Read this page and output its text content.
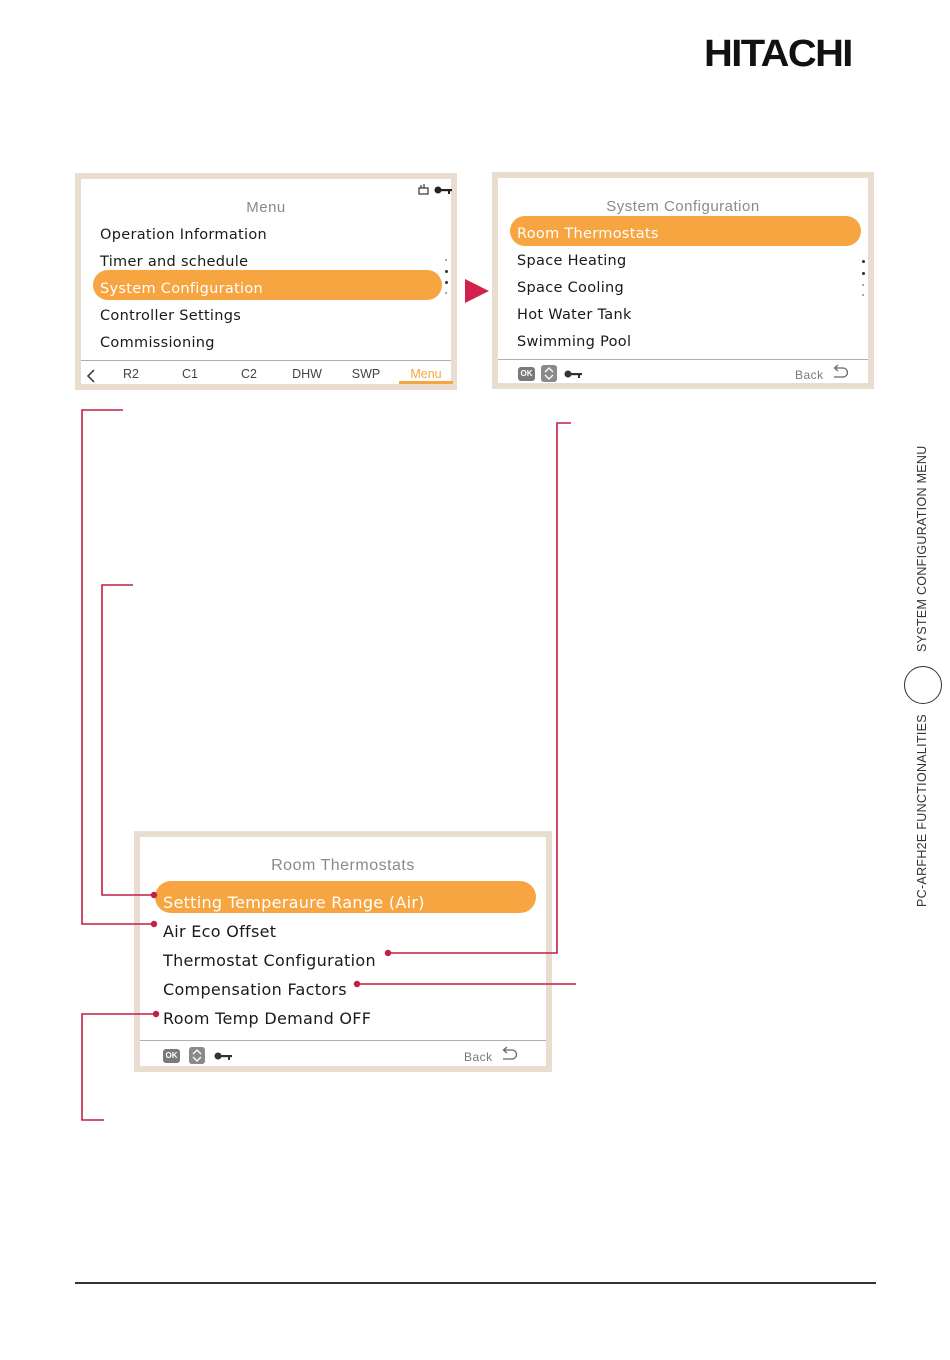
HITACHI
Menu
Operation Information
Timer and schedule
System Configuration
Controller Settings
Commissioning
R2	C1	C2	DHW	SWP	Menu
System Configuration
Room Thermostats
Space Heating
Space Cooling
Hot Water Tank
Swimming Pool
OK	Back
Room Thermostats
Setting Temperaure Range (Air)
Air Eco Offset
Thermostat Configuration
Compensation Factors
Room Temp Demand OFF
OK	Back
SYSTEM CONFIGURATION MENU
PC-ARFH2E FUNCTIONALITIES
